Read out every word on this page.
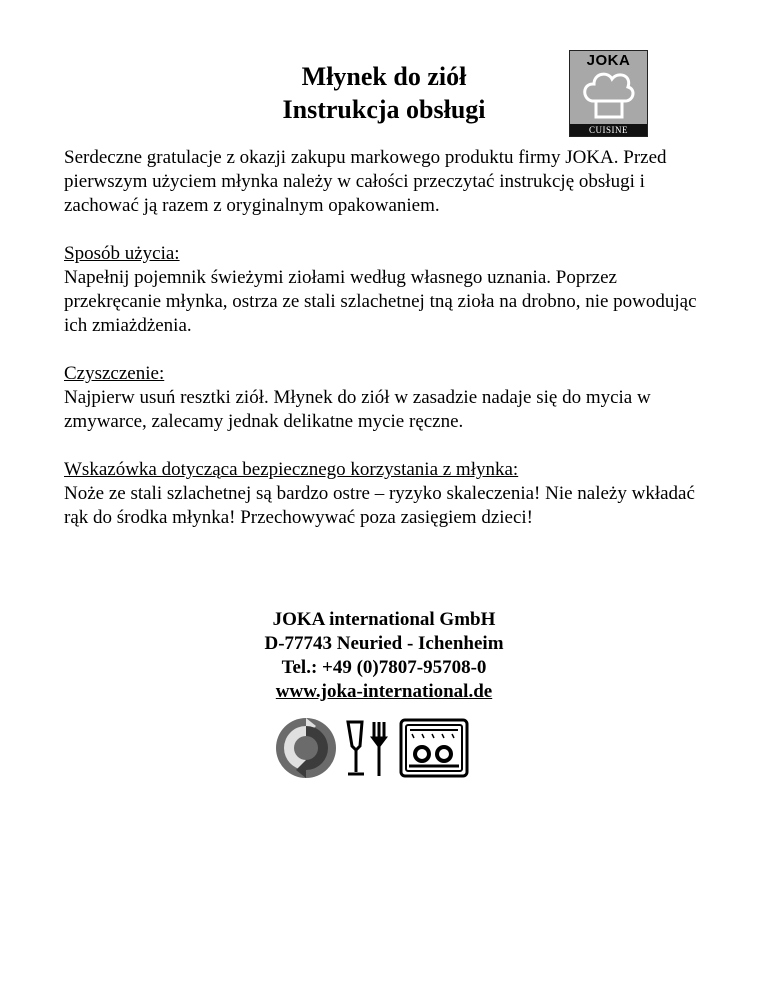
Młynek do ziół
Instrukcja obsługi
JOKA
CUISINE

Serdeczne gratulacje z okazji zakupu markowego produktu firmy JOKA. Przed pierwszym użyciem młynka należy w całości przeczytać instrukcję obsługi i zachować ją razem z oryginalnym opakowaniem.

Sposób użycia:
Napełnij pojemnik świeżymi ziołami według własnego uznania. Poprzez przekręcanie młynka, ostrza ze stali szlachetnej tną zioła na drobno, nie powodując ich zmiażdżenia.

Czyszczenie:
Najpierw usuń resztki ziół. Młynek do ziół w zasadzie nadaje się do mycia w zmywarce, zalecamy jednak delikatne mycie ręczne.

Wskazówka dotycząca bezpiecznego korzystania z młynka:
Noże ze stali szlachetnej są bardzo ostre – ryzyko skaleczenia! Nie należy wkładać rąk do środka młynka! Przechowywać poza zasięgiem dzieci!

JOKA international GmbH
D-77743 Neuried - Ichenheim
Tel.: +49 (0)7807-95708-0
www.joka-international.de
